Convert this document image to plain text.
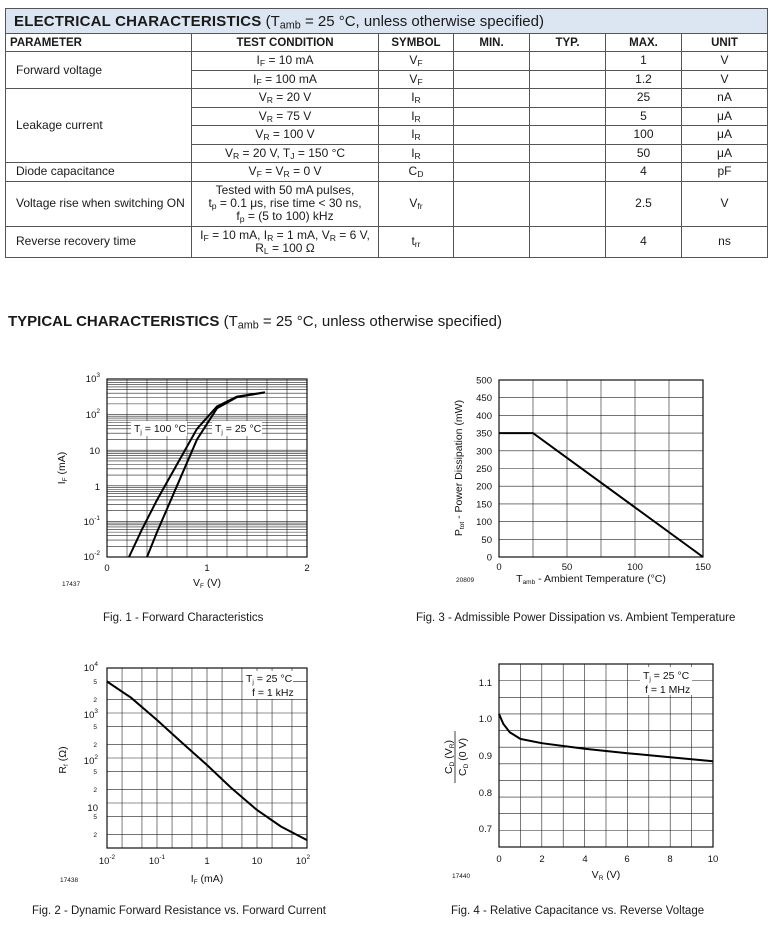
ELECTRICAL CHARACTERISTICS ($T_{amb} = 25$ °C, unless otherwise specified)						
PARAMETER	TEST CONDITION	SYMBOL	MIN.	TYP.	MAX.	UNIT
Forward voltage	$I_F = 10$ mA	$V_F$			1	V
	$I_F = 100$ mA	$V_F$			1.2	V
Leakage current	$V_R = 20$ V	$I_R$			25	nA
	$V_R = 75$ V	$I_R$			5	μA
	$V_R = 100$ V	$I_R$			100	μA
	$V_R = 20$ V, $T_J = 150$ °C	$I_R$			50	μA
Diode capacitance	$V_F = V_R = 0$ V	$C_D$			4	pF
Voltage rise when switching ON	Tested with 50 mA pulses,
$t_p = 0.1$ μs, rise time < 30 ns,
$f_p = (5$ to 100) kHz	$V_{fr}$			2.5	V
Reverse recovery time	$I_F = 10$ mA, $I_R = 1$ mA, $V_R = 6$ V,
$R_L = 100$ Ω	$t_{rr}$			4	ns
TYPICAL CHARACTERISTICS ($T_{amb} = 25$ °C, unless otherwise specified)
$10^3$
$10^2$
10
1
$10^{-1}$
$10^{-2}$
0	1	2
VF (V)
IF (mA)
17437
Tj = 100 °C	Tj = 25 °C
Fig. 1 - Forward Characteristics
500
450
400
350
300
250
200
150
100
50
0
0	50	100	150
Tamb - Ambient Temperature (°C)
Ptot - Power Dissipation (mW)
20809
Fig. 3 - Admissible Power Dissipation vs. Ambient Temperature
$10^4$
$10^3$
$10^2$
10
5
2
5
2
5
2
5
2
$10^{-2}$	$10^{-1}$	1	10	$10^2$
IF (mA)
Rf (Ω)
17438
Tj = 25 °C
f = 1 kHz
Fig. 2 - Dynamic Forward Resistance vs. Forward Current
1.1
1.0
0.9
0.8
0.7
0	2	4	6	8	10
VR (V)
CD (VR)
CD (0 V)
17440
Tj = 25 °C
f = 1 MHz
Fig. 4 - Relative Capacitance vs. Reverse Voltage
